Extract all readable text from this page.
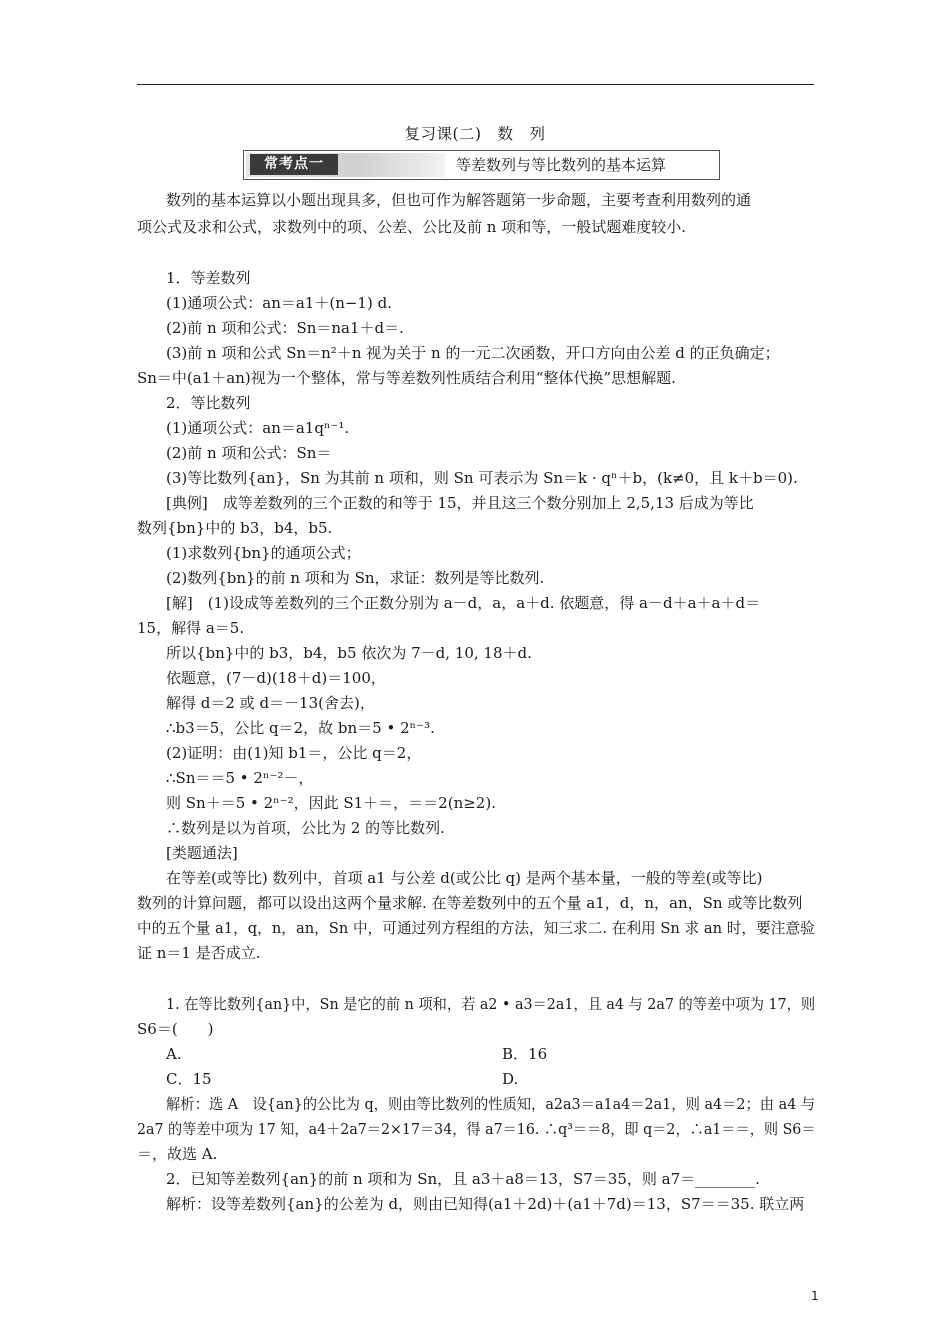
复习课(二)　数　列
常考点一	等差数列与等比数列的基本运算
数列的基本运算以小题出现具多，但也可作为解答题第一步命题，主要考查利用数列的通
项公式及求和公式，求数列中的项、公差、公比及前 n 项和等，一般试题难度较小.
1．等差数列
(1)通项公式：an＝a1＋(n−1) d.
(2)前 n 项和公式：Sn＝na1＋d＝.
(3)前 n 项和公式 Sn＝n²＋n 视为关于 n 的一元二次函数，开口方向由公差 d 的正负确定；
Sn＝中(a1＋an)视为一个整体，常与等差数列性质结合利用“整体代换”思想解题.
2．等比数列
(1)通项公式：an＝a1qⁿ⁻¹.
(2)前 n 项和公式：Sn＝
(3)等比数列{an}，Sn 为其前 n 项和，则 Sn 可表示为 Sn＝k · qⁿ＋b，(k≠0，且 k＋b＝0).
[典例]　成等差数列的三个正数的和等于 15，并且这三个数分别加上 2,5,13 后成为等比
数列{bn}中的 b3，b4，b5.
(1)求数列{bn}的通项公式；
(2)数列{bn}的前 n 项和为 Sn，求证：数列是等比数列.
[解]　(1)设成等差数列的三个正数分别为 a－d，a，a＋d. 依题意，得 a－d＋a＋a＋d＝
15，解得 a＝5.
所以{bn}中的 b3，b4，b5 依次为 7－d, 10, 18＋d.
依题意，(7－d)(18＋d)＝100，
解得 d＝2 或 d＝－13(舍去)，
∴b3＝5，公比 q＝2，故 bn＝5 • 2ⁿ⁻³.
(2)证明：由(1)知 b1＝，公比 q＝2，
∴Sn＝＝5 • 2ⁿ⁻²－，
则 Sn＋＝5 • 2ⁿ⁻²，因此 S1＋＝，＝＝2(n≥2).
∴数列是以为首项，公比为 2 的等比数列.
[类题通法]
在等差(或等比) 数列中，首项 a1 与公差 d(或公比 q) 是两个基本量，一般的等差(或等比)
数列的计算问题，都可以设出这两个量求解. 在等差数列中的五个量 a1，d，n，an，Sn 或等比数列
中的五个量 a1，q，n，an，Sn 中，可通过列方程组的方法，知三求二. 在利用 Sn 求 an 时，要注意验
证 n＝1 是否成立.
1. 在等比数列{an}中，Sn 是它的前 n 项和，若 a2 • a3＝2a1，且 a4 与 2a7 的等差中项为 17，则
S6＝(　　)
A.	B．16
C．15	D.
解析：选 A　设{an}的公比为 q，则由等比数列的性质知，a2a3＝a1a4＝2a1，则 a4＝2；由 a4 与
2a7 的等差中项为 17 知，a4＋2a7＝2×17＝34，得 a7＝16. ∴q³＝＝8，即 q＝2，∴a1＝＝，则 S6＝
＝，故选 A.
2．已知等差数列{an}的前 n 项和为 Sn，且 a3＋a8＝13，S7＝35，则 a7＝________.
解析：设等差数列{an}的公差为 d，则由已知得(a1＋2d)＋(a1＋7d)＝13，S7＝＝35. 联立两
1
